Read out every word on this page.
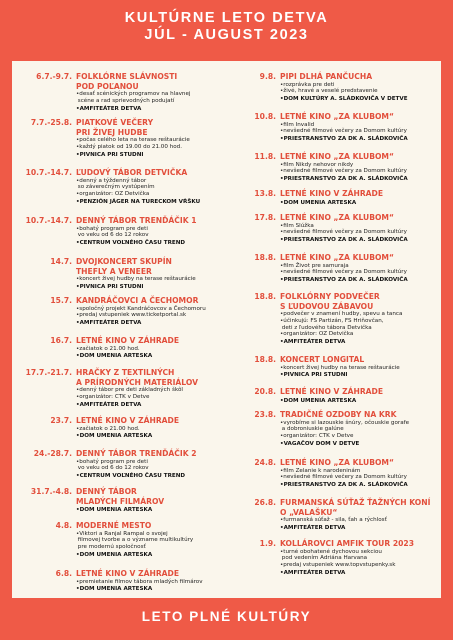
KULTÚRNE LETO DETVA
JÚL - AUGUST 2023
6.7.-9.7. FOLKLÓRNE SLÁVNOSTI
POD POĽANOU
•desať scénických programov na hlavnej
scéne a rad sprievodných podujatí
•AMFITEÁTER DETVA
7.7.-25.8. PIATKOVÉ VEČERY
PRI ŽIVEJ HUDBE
•počas celého leta na terase reštaurácie
•každý piatok od 19.00 do 21.00 hod.
•PIVNICA PRI STUDNI
10.7.-14.7. ĽUDOVÝ TÁBOR DETVIČKA
•denný a týždenný tábor
so záverečným vystúpením
•organizátor: OZ Detvička
•PENZIÓN JÁGER NA TURECKOM VŔŠKU
10.7.-14.7. DENNÝ TÁBOR TRENĎÁČIK 1
•bohatý program pre deti
vo veku od 6 do 12 rokov
•CENTRUM VOĽNÉHO ČASU TREND
14.7. DVOJKONCERT SKUPÍN
THEFLY A VENEER
•koncert živej hudby na terase reštaurácie
•PIVNICA PRI STUDNI
15.7. KANDRÁČOVCI A ČECHOMOR
•spoločný projekt Kandráčovcov a Čechomoru
•predaj vstupeniek www.ticketportal.sk
•AMFITEÁTER DETVA
16.7. LETNÉ KINO V ZÁHRADE
•začiatok o 21.00 hod.
•DOM UMENIA ARTESKA
17.7.-21.7. HRAČKY Z TEXTILNÝCH
A PRÍRODNÝCH MATERIÁLOV
•denný tábor pre deti základných škôl
•organizátor: CTK v Detve
•AMFITEÁTER DETVA
23.7. LETNÉ KINO V ZÁHRADE
•začiatok o 21.00 hod.
•DOM UMENIA ARTESKA
24.-28.7. DENNÝ TÁBOR TRENĎÁČIK 2
•bohatý program pre deti
vo veku od 6 do 12 rokov
•CENTRUM VOĽNÉHO ČASU TREND
31.7.-4.8. DENNÝ TÁBOR
MLADÝCH FILMÁROV
•DOM UMENIA ARTESKA
4.8. MODERNÉ MESTO
•Viktori a Ranjal Rampal o svojej
filmovej tvorbe a o význame multikultúry
pre modernú spoločnosť
•DOM UMENIA ARTESKA
6.8. LETNÉ KINO V ZÁHRADE
•premietanie filmov tábora mladých filmárov
•DOM UMENIA ARTESKA
9.8. PIPI DLHÁ PANČUCHA
•rozprávka pre deti
•živé, hravé a veselé predstavenie
•DOM KULTÚRY A. SLÁDKOVIČA V DETVE
10.8. LETNÉ KINO „ZA KLUBOM“
•film Invalid
•nevšedné filmové večery za Domom kultúry
•PRIESTRANSTVO ZA DK A. SLÁDKOVIČA
11.8. LETNÉ KINO „ZA KLUBOM“
•film Nikdy nehovor nikdy
•nevšedné filmové večery za Domom kultúry
•PRIESTRANSTVO ZA DK A. SLÁDKOVIČA
13.8. LETNÉ KINO V ZÁHRADE
•DOM UMENIA ARTESKA
17.8. LETNÉ KINO „ZA KLUBOM“
•film Slúžka
•nevšedné filmové večery za Domom kultúry
•PRIESTRANSTVO ZA DK A. SLÁDKOVIČA
18.8. LETNÉ KINO „ZA KLUBOM“
•film Život pre samuraja
•nevšedné filmové večery za Domom kultúry
•PRIESTRANSTVO ZA DK A. SLÁDKOVIČA
18.8. FOLKLÓRNY PODVEČER
S ĽUDOVOU ZÁBAVOU
•podvečer v znamení hudby, spevu a tanca
•účinkujú: FS Partizán, FS Hriňovčan,
deti z ľudového tábora Detvička
•organizátor: OZ Detvička
•AMFITEÁTER DETVA
18.8. KONCERT LONGITAL
•koncert živej hudby na terase reštaurácie
•PIVNICA PRI STUDNI
20.8. LETNÉ KINO V ZÁHRADE
•DOM UMENIA ARTESKA
23.8. TRADIČNÉ OZDOBY NA KRK
•vyrobíme si lazouskie šnúry, očouskie gorafe
a dobroniuskie galúne
•organizátor: CTK v Detve
•VAGAČOV DOM V DETVE
24.8. LETNÉ KINO „ZA KLUBOM“
•film Zelanie k narodeninám
•nevšedné filmové večery za Domom kultúry
•PRIESTRANSTVO ZA DK A. SLÁDKOVIČA
26.8. FURMANSKÁ SÚŤAŽ ŤAŽNÝCH KONÍ
O „VALAŠKU“
•furmanská súťaž - sila, ťah a rýchlosť
•AMFITEÁTER DETVA
1.9. KOLLÁROVCI AMFIK TOUR 2023
•turné obohatené dychovou sekciou
pod vedením Adriána Harvana
•predaj vstupeniek www.topvstupenky.sk
•AMFITEÁTER DETVA
LETO PLNÉ KULTÚRY
